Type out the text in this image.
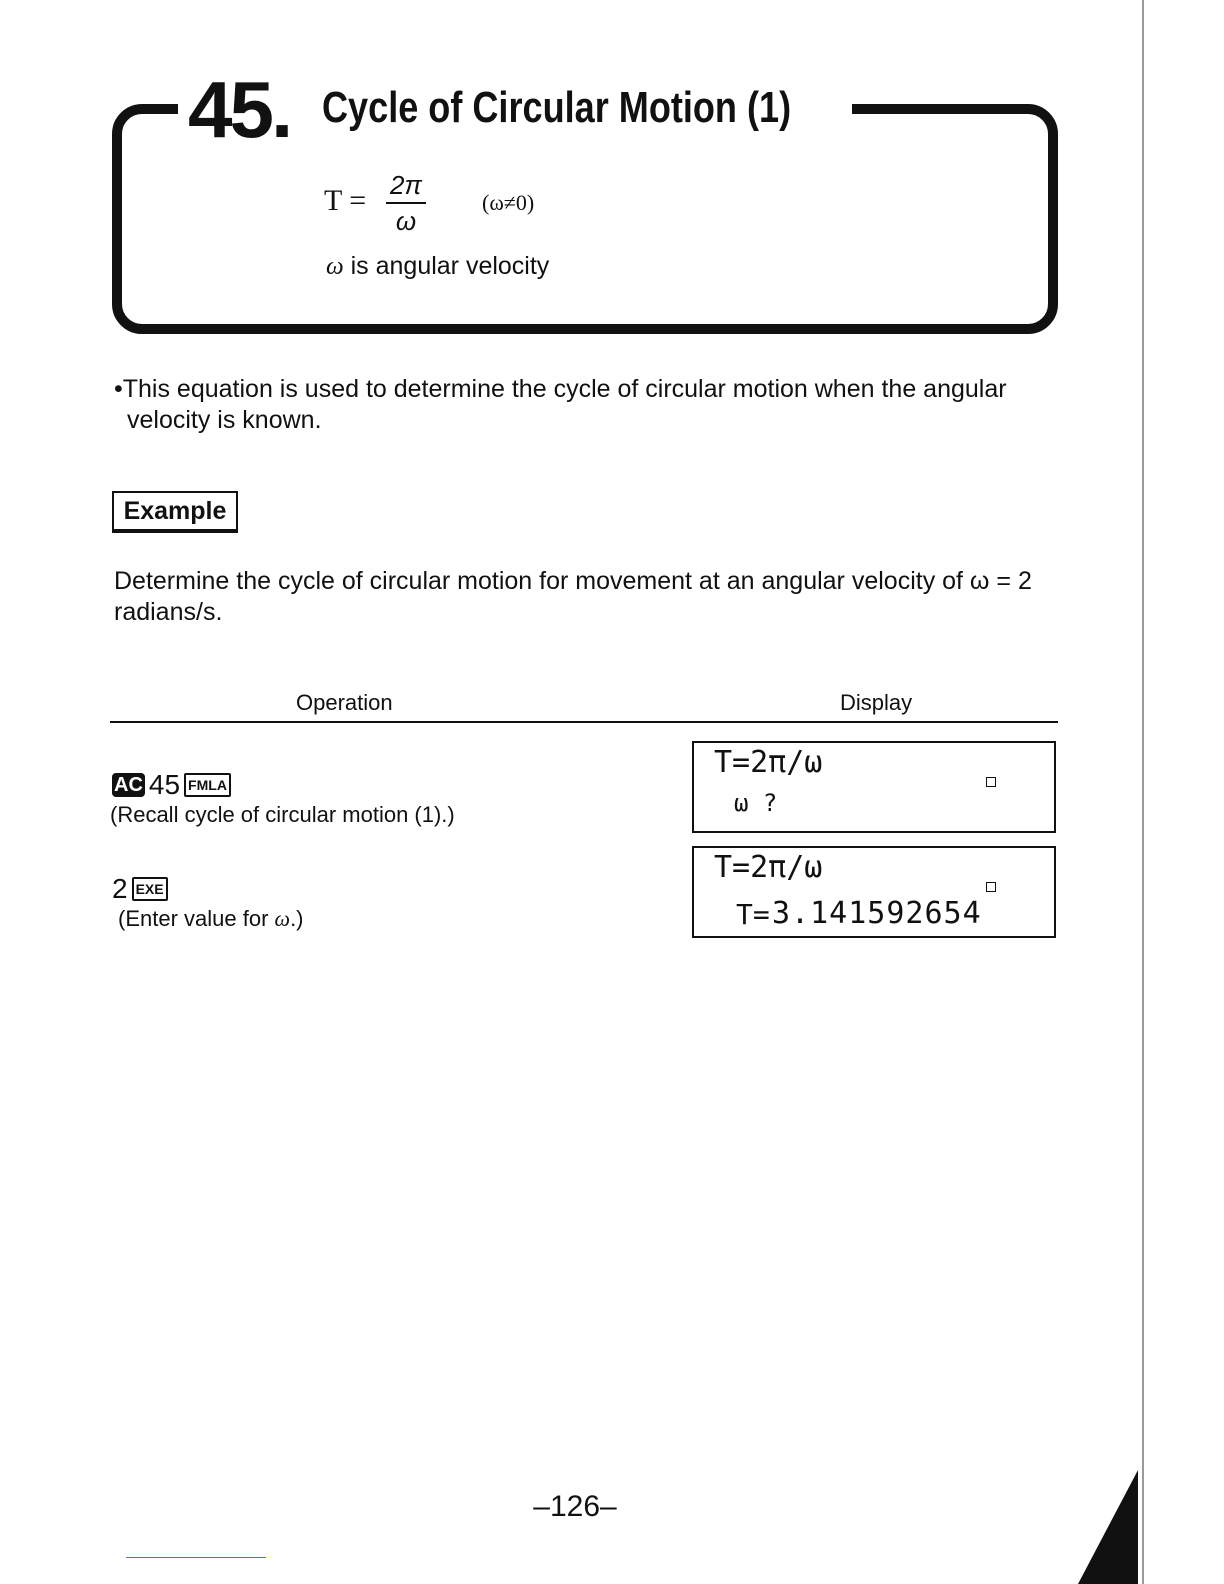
45. Cycle of Circular Motion (1)
T = 2π
ω
(ω≠0)
ω is angular velocity
•This equation is used to determine the cycle of circular motion when the angular
velocity is known.
Example
Determine the cycle of circular motion for movement at an angular velocity of ω = 2
radians/s.
Operation	Display
AC 45 FMLA
(Recall cycle of circular motion (1).)
T=2π/ω
ω ?
2 EXE
(Enter value for ω.)
T=2π/ω
T= 3.141592654
–126–
